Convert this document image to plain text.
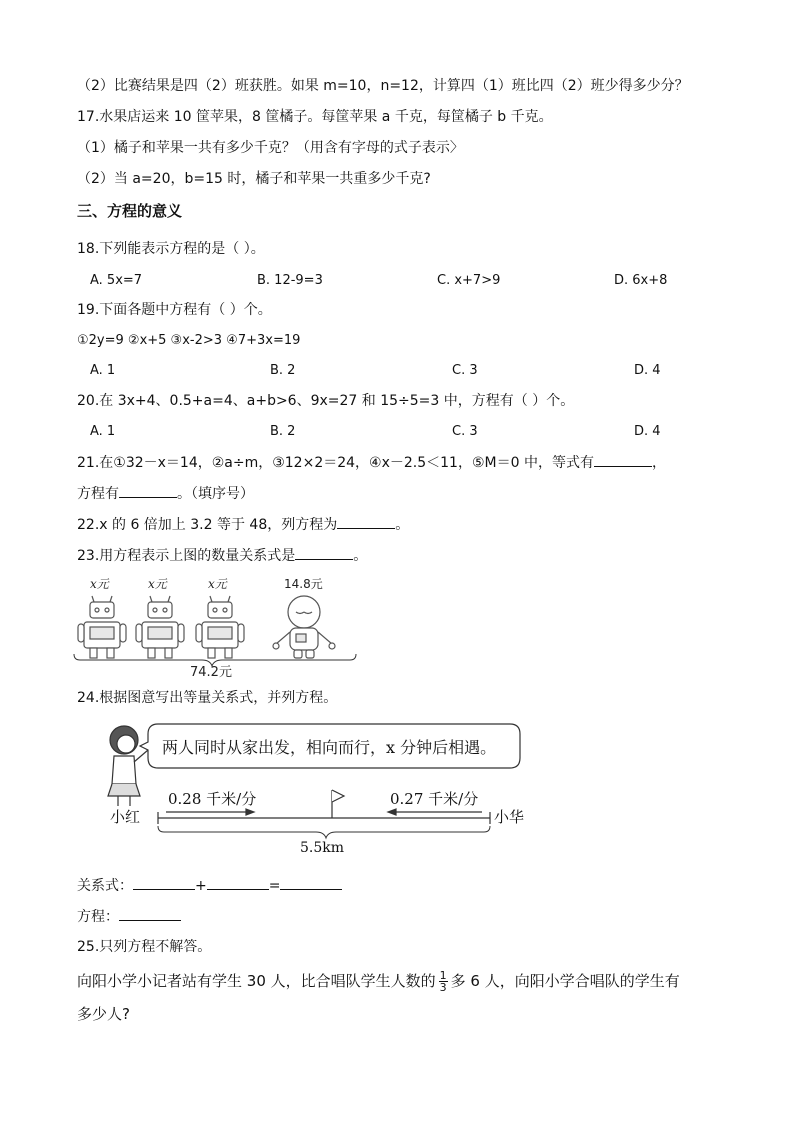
（2）比赛结果是四（2）班获胜。如果 m=10，n=12，计算四（1）班比四（2）班少得多少分？
17.水果店运来 10 筐苹果，8 筐橘子。每筐苹果 a 千克，每筐橘子 b 千克。
（1）橘子和苹果一共有多少千克？（用含有字母的式子表示〉
（2）当 a=20，b=15 时，橘子和苹果一共重多少千克?
三、方程的意义
18.下列能表示方程的是（ ）。
A. 5x=7	B. 12-9=3	C. x+7>9	D. 6x+8
19.下面各题中方程有（ ）个。
①2y=9 ②x+5 ③x-2>3 ④7+3x=19
A. 1	B. 2	C. 3	D. 4
20.在 3x+4、0.5+a=4、a+b>6、9x=27 和 15÷5=3 中，方程有（ ）个。
A. 1	B. 2	C. 3	D. 4
21.在①32－x＝14，②a÷m，③12×2＝24，④x－2.5＜11，⑤M＝0 中，等式有	，
方程有	。（填序号）
22.x 的 6 倍加上 3.2 等于 48，列方程为	。
23.用方程表示上图的数量关系式是	。
x元	x元	x元	14.8元
74.2元
24.根据图意写出等量关系式，并列方程。
两人同时从家出发，相向而行，x 分钟后相遇。
小红	小华
0.28 千米/分	0.27 千米/分
5.5km
关系式：	+	=
方程：
25.只列方程不解答。
向阳小学小记者站有学生 30 人，比合唱队学生人数的 $\frac{1}{3}$ 多 6 人，向阳小学合唱队的学生有
多少人?
